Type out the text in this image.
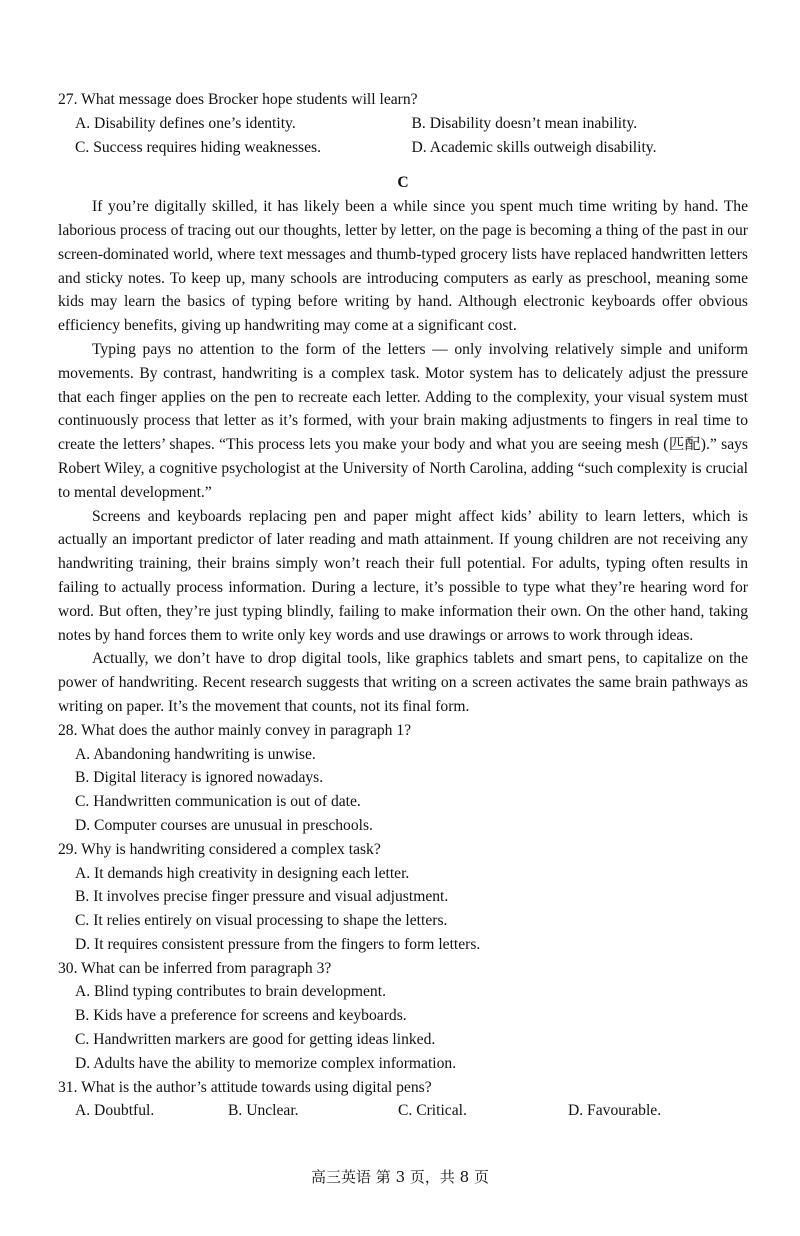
27. What message does Brocker hope students will learn?
A. Disability defines one’s identity.	B. Disability doesn’t mean inability.
C. Success requires hiding weaknesses.	D. Academic skills outweigh disability.
C

If you’re digitally skilled, it has likely been a while since you spent much time writing by hand. The laborious process of tracing out our thoughts, letter by letter, on the page is becoming a thing of the past in our screen-dominated world, where text messages and thumb-typed grocery lists have replaced handwritten letters and sticky notes. To keep up, many schools are introducing computers as early as preschool, meaning some kids may learn the basics of typing before writing by hand. Although electronic keyboards offer obvious efficiency benefits, giving up handwriting may come at a significant cost.

Typing pays no attention to the form of the letters — only involving relatively simple and uniform movements. By contrast, handwriting is a complex task. Motor system has to delicately adjust the pressure that each finger applies on the pen to recreate each letter. Adding to the complexity, your visual system must continuously process that letter as it’s formed, with your brain making adjustments to fingers in real time to create the letters’ shapes. “This process lets you make your body and what you are seeing mesh (匹配).” says Robert Wiley, a cognitive psychologist at the University of North Carolina, adding “such complexity is crucial to mental development.”

Screens and keyboards replacing pen and paper might affect kids’ ability to learn letters, which is actually an important predictor of later reading and math attainment. If young children are not receiving any handwriting training, their brains simply won’t reach their full potential. For adults, typing often results in failing to actually process information. During a lecture, it’s possible to type what they’re hearing word for word. But often, they’re just typing blindly, failing to make information their own. On the other hand, taking notes by hand forces them to write only key words and use drawings or arrows to work through ideas.

Actually, we don’t have to drop digital tools, like graphics tablets and smart pens, to capitalize on the power of handwriting. Recent research suggests that writing on a screen activates the same brain pathways as writing on paper. It’s the movement that counts, not its final form.

28. What does the author mainly convey in paragraph 1?
A. Abandoning handwriting is unwise.
B. Digital literacy is ignored nowadays.
C. Handwritten communication is out of date.
D. Computer courses are unusual in preschools.
29. Why is handwriting considered a complex task?
A. It demands high creativity in designing each letter.
B. It involves precise finger pressure and visual adjustment.
C. It relies entirely on visual processing to shape the letters.
D. It requires consistent pressure from the fingers to form letters.
30. What can be inferred from paragraph 3?
A. Blind typing contributes to brain development.
B. Kids have a preference for screens and keyboards.
C. Handwritten markers are good for getting ideas linked.
D. Adults have the ability to memorize complex information.
31. What is the author’s attitude towards using digital pens?
A. Doubtful.	B. Unclear.	C. Critical.	D. Favourable.
高三英语 第 3 页，共 8 页
